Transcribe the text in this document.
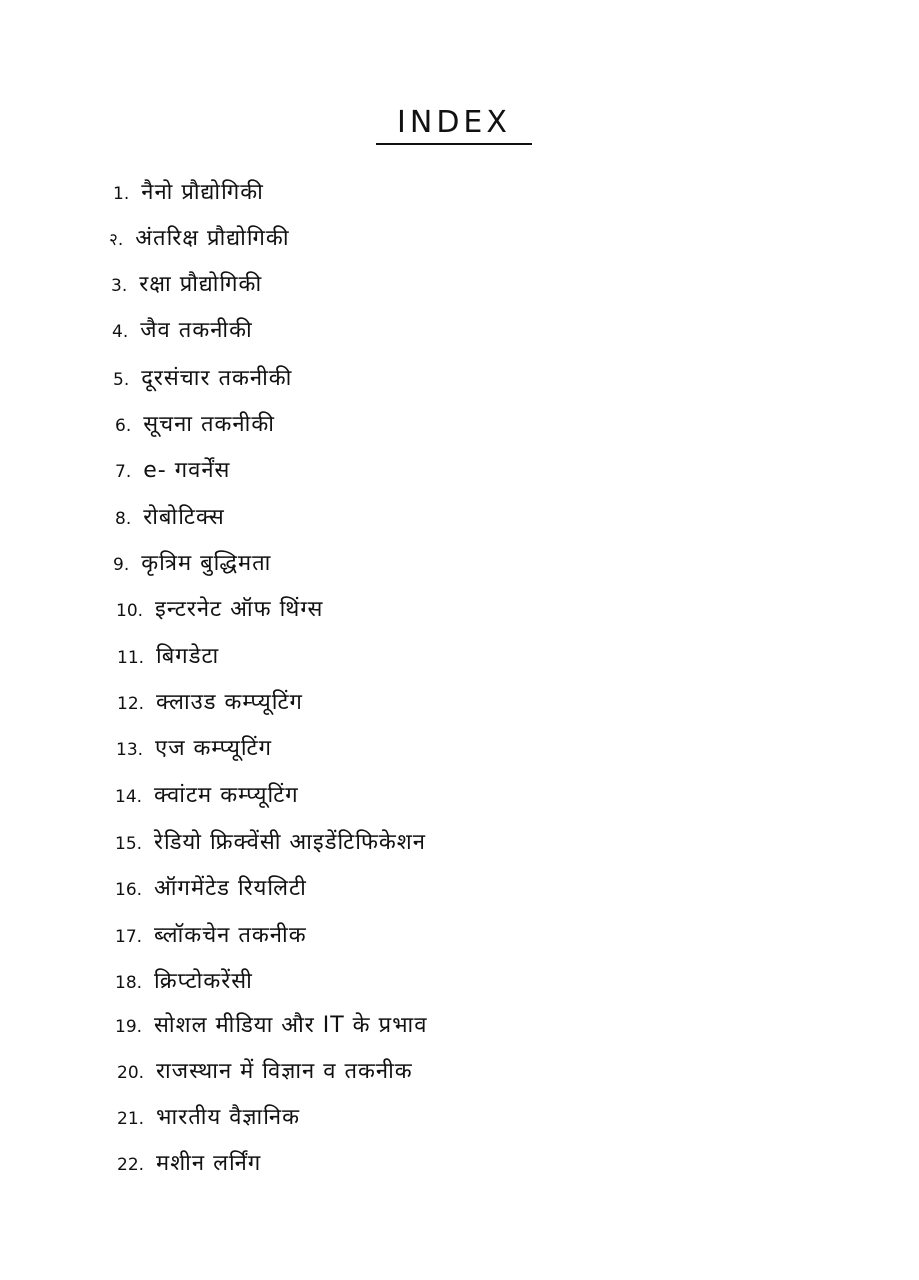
INDEX
1. नैनो प्रौद्योगिकी
२. अंतरिक्ष प्रौद्योगिकी
3. रक्षा प्रौद्योगिकी
4. जैव तकनीकी
5. दूरसंचार तकनीकी
6. सूचना तकनीकी
7. e- गवर्नेंस
8. रोबोटिक्स
9. कृत्रिम बुद्धिमता
10. इन्टरनेट ऑफ थिंग्स
11. बिगडेटा
12. क्लाउड कम्प्यूटिंग
13. एज कम्प्यूटिंग
14. क्वांटम कम्प्यूटिंग
15. रेडियो फ्रिक्वेंसी आइडेंटिफिकेशन
16. ऑगमेंटेड रियलिटी
17. ब्लॉकचेन तकनीक
18. क्रिप्टोकरेंसी
19. सोशल मीडिया और IT के प्रभाव
20. राजस्थान में विज्ञान व तकनीक
21. भारतीय वैज्ञानिक
22. मशीन लर्निंग
